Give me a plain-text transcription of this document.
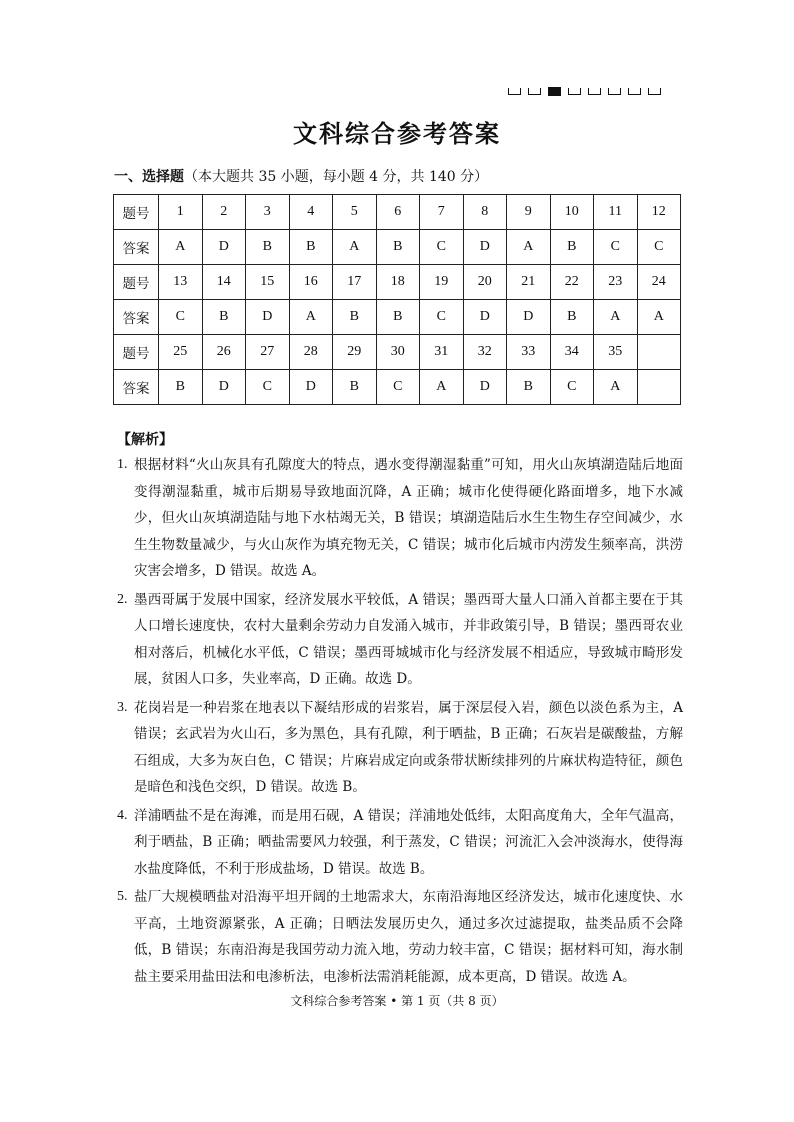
文科综合参考答案
一、选择题（本大题共 35 小题，每小题 4 分，共 140 分）
题号	1	2	3	4	5	6	7	8	9	10	11	12
答案	A	D	B	B	A	B	C	D	A	B	C	C
题号	13	14	15	16	17	18	19	20	21	22	23	24
答案	C	B	D	A	B	B	C	D	D	B	A	A
题号	25	26	27	28	29	30	31	32	33	34	35	
答案	B	D	C	D	B	C	A	D	B	C	A	
【解析】
1. 根据材料“火山灰具有孔隙度大的特点，遇水变得潮湿黏重”可知，用火山灰填湖造陆后地面变得潮湿黏重，城市后期易导致地面沉降，A 正确；城市化使得硬化路面增多，地下水减少，但火山灰填湖造陆与地下水枯竭无关，B 错误；填湖造陆后水生生物生存空间减少，水生生物数量减少，与火山灰作为填充物无关，C 错误；城市化后城市内涝发生频率高，洪涝灾害会增多，D 错误。故选 A。
2. 墨西哥属于发展中国家，经济发展水平较低，A 错误；墨西哥大量人口涌入首都主要在于其人口增长速度快，农村大量剩余劳动力自发涌入城市，并非政策引导，B 错误；墨西哥农业相对落后，机械化水平低，C 错误；墨西哥城城市化与经济发展不相适应，导致城市畸形发展，贫困人口多，失业率高，D 正确。故选 D。
3. 花岗岩是一种岩浆在地表以下凝结形成的岩浆岩，属于深层侵入岩，颜色以淡色系为主，A 错误；玄武岩为火山石，多为黑色，具有孔隙，利于晒盐，B 正确；石灰岩是碳酸盐，方解石组成，大多为灰白色，C 错误；片麻岩成定向或条带状断续排列的片麻状构造特征，颜色是暗色和浅色交织，D 错误。故选 B。
4. 洋浦晒盐不是在海滩，而是用石砚，A 错误；洋浦地处低纬，太阳高度角大，全年气温高，利于晒盐，B 正确；晒盐需要风力较强，利于蒸发，C 错误；河流汇入会冲淡海水，使得海水盐度降低，不利于形成盐场，D 错误。故选 B。
5. 盐厂大规模晒盐对沿海平坦开阔的土地需求大，东南沿海地区经济发达，城市化速度快、水平高，土地资源紧张，A 正确；日晒法发展历史久，通过多次过滤提取，盐类品质不会降低，B 错误；东南沿海是我国劳动力流入地，劳动力较丰富，C 错误；据材料可知，海水制盐主要采用盐田法和电渗析法，电渗析法需消耗能源，成本更高，D 错误。故选 A。
文科综合参考答案 • 第 1 页（共 8 页）
